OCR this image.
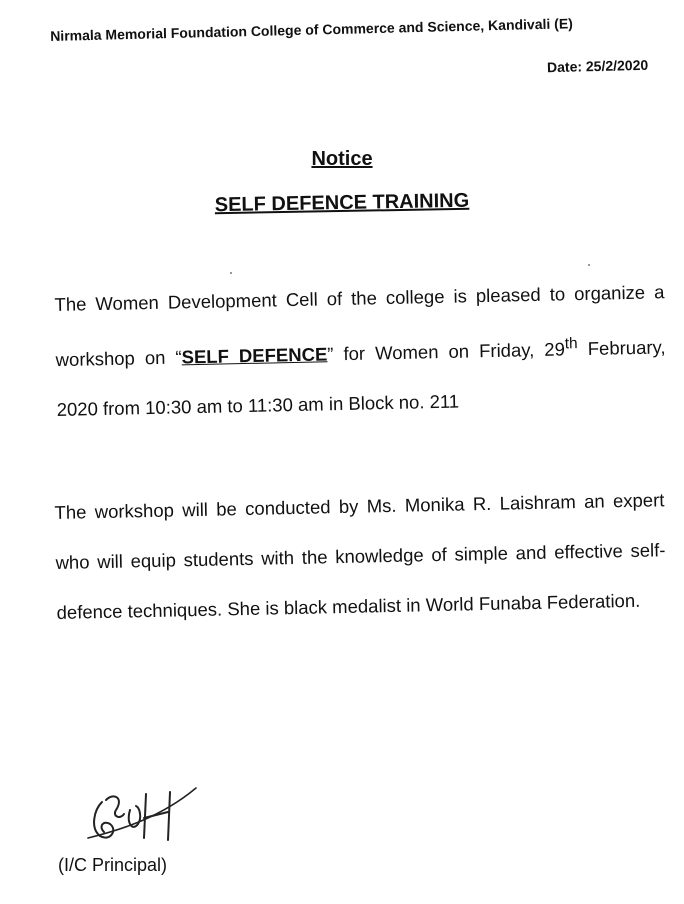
Nirmala Memorial Foundation College of Commerce and Science, Kandivali (E)
Date: 25/2/2020
Notice
SELF DEFENCE TRAINING
The Women Development Cell of the college is pleased to organize a workshop on “SELF DEFENCE” for Women on Friday, 29th February, 2020 from 10:30 am to 11:30 am in Block no. 211
The workshop will be conducted by Ms. Monika R. Laishram an expert who will equip students with the knowledge of simple and effective self-defence techniques. She is black medalist in World Funaba Federation.
(I/C Principal)
